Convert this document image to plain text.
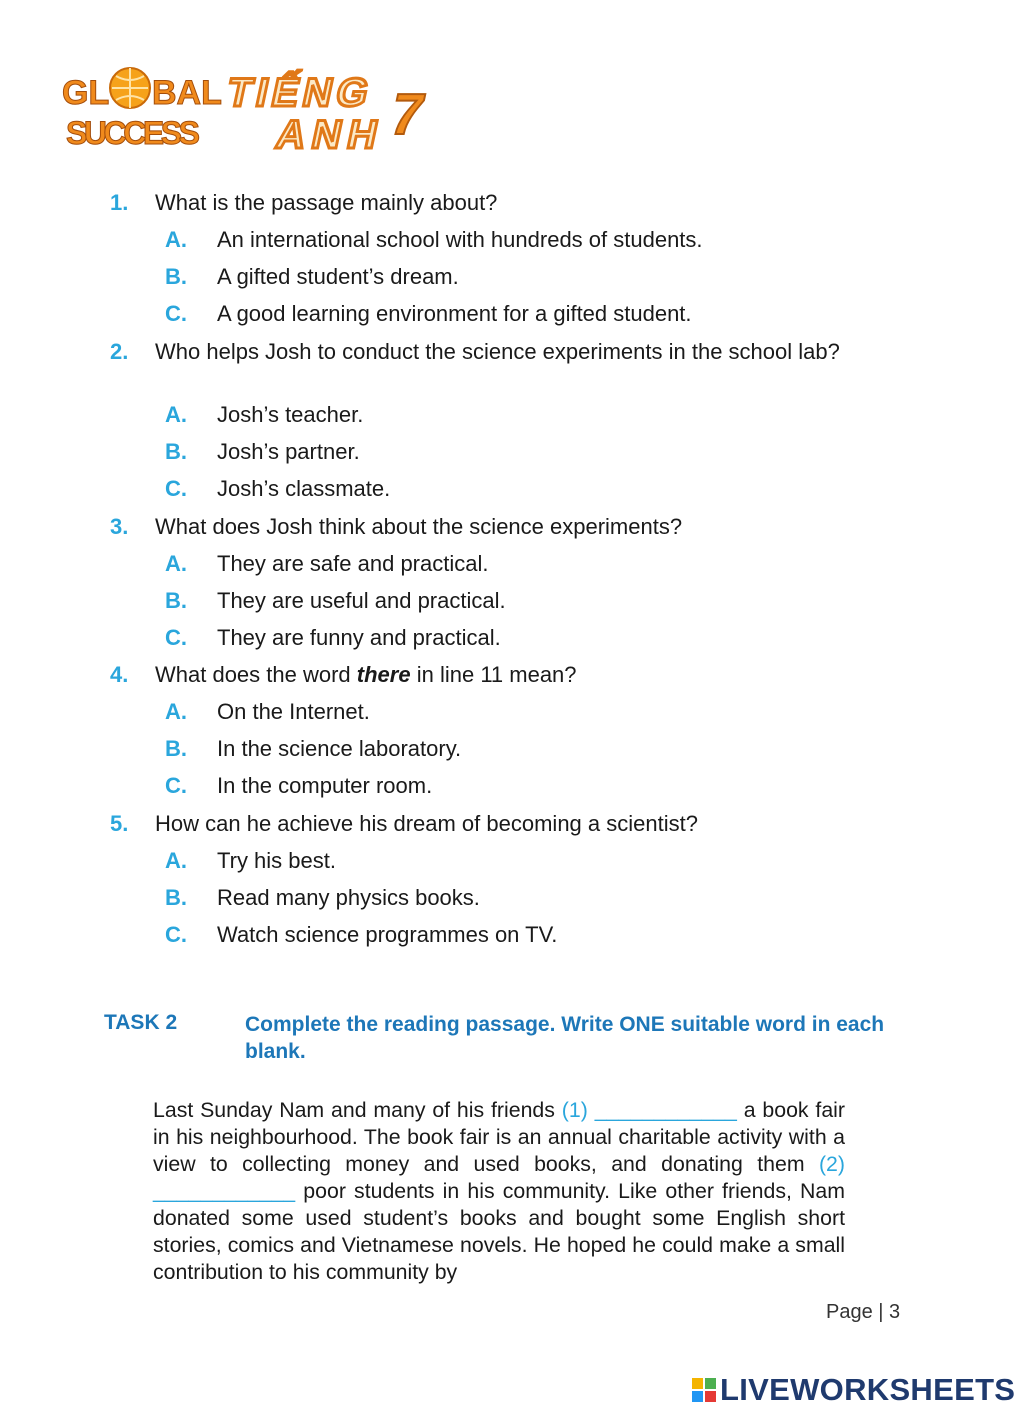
GL BAL
SUCCESS
TIẾNG
ANH 7
1. What is the passage mainly about?
A. An international school with hundreds of students.
B. A gifted student’s dream.
C. A good learning environment for a gifted student.
2. Who helps Josh to conduct the science experiments in the school lab?
A. Josh’s teacher.
B. Josh’s partner.
C. Josh’s classmate.
3. What does Josh think about the science experiments?
A. They are safe and practical.
B. They are useful and practical.
C. They are funny and practical.
4. What does the word there in line 11 mean?
A. On the Internet.
B. In the science laboratory.
C. In the computer room.
5. How can he achieve his dream of becoming a scientist?
A. Try his best.
B. Read many physics books.
C. Watch science programmes on TV.
TASK 2	Complete the reading passage. Write ONE suitable word in each blank.
Last Sunday Nam and many of his friends (1) ____________ a book fair in his neighbourhood. The book fair is an annual charitable activity with a view to collecting money and used books, and donating them (2) ____________ poor students in his community. Like other friends, Nam donated some used student’s books and bought some English short stories, comics and Vietnamese novels. He hoped he could make a small contribution to his community by
Page | 3
LIVEWORKSHEETS
